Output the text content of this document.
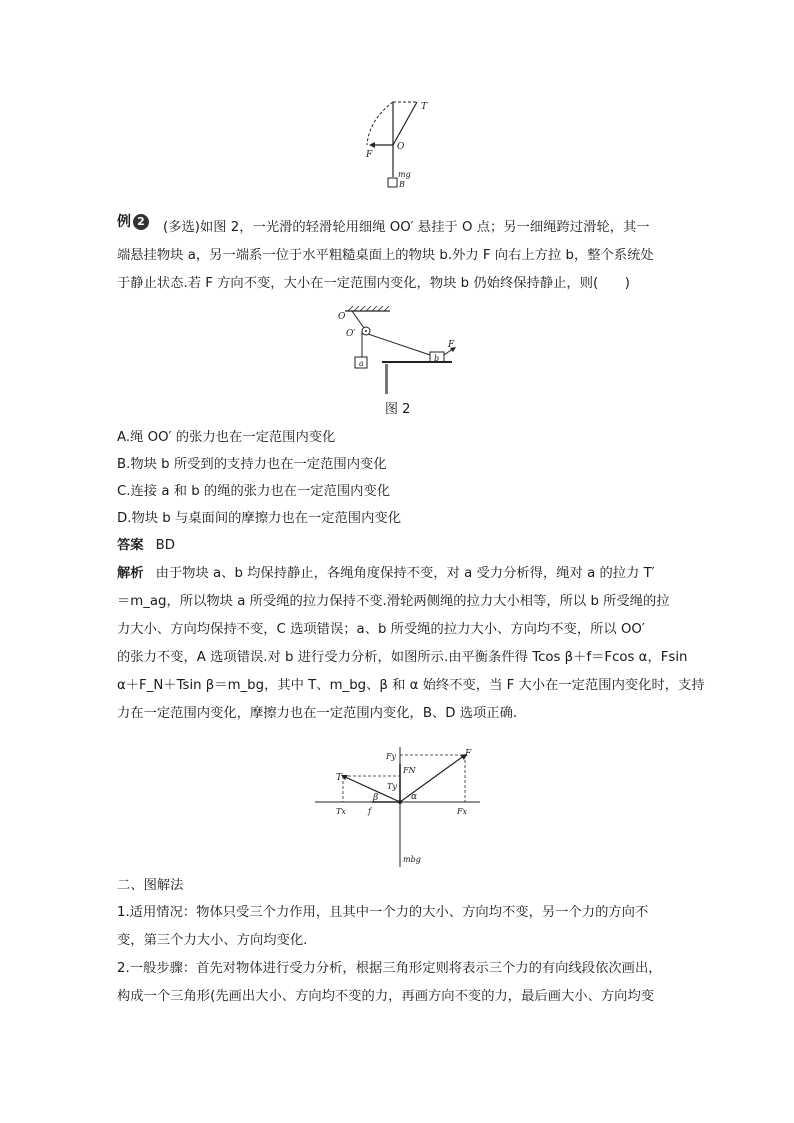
T
F
O
mg
B
例 2	(多选)如图 2，一光滑的轻滑轮用细绳 OO′ 悬挂于 O 点；另一细绳跨过滑轮，其一
端悬挂物块 a，另一端系一位于水平粗糙桌面上的物块 b.外力 F 向右上方拉 b，整个系统处
于静止状态.若 F 方向不变，大小在一定范围内变化，物块 b 仍始终保持静止，则(　　)
O
O′
a
b
F
图 2
A.绳 OO′ 的张力也在一定范围内变化
B.物块 b 所受到的支持力也在一定范围内变化
C.连接 a 和 b 的绳的张力也在一定范围内变化
D.物块 b 与桌面间的摩擦力也在一定范围内变化
答案 BD
解析 由于物块 a、b 均保持静止，各绳角度保持不变，对 a 受力分析得，绳对 a 的拉力 T′
＝m_ag，所以物块 a 所受绳的拉力保持不变.滑轮两侧绳的拉力大小相等，所以 b 所受绳的拉
力大小、方向均保持不变，C 选项错误；a、b 所受绳的拉力大小、方向均不变，所以 OO′
的张力不变，A 选项错误.对 b 进行受力分析，如图所示.由平衡条件得 Tcos β＋f＝Fcos α，Fsin
α＋F_N＋Tsin β＝m_bg，其中 T、m_bg、β 和 α 始终不变，当 F 大小在一定范围内变化时，支持
力在一定范围内变化，摩擦力也在一定范围内变化，B、D 选项正确.
Fy	F
FN
T
Ty
β	α
Tx	f	Fx
mbg
二、图解法
1.适用情况：物体只受三个力作用，且其中一个力的大小、方向均不变，另一个力的方向不
变，第三个力大小、方向均变化.
2.一般步骤：首先对物体进行受力分析，根据三角形定则将表示三个力的有向线段依次画出，
构成一个三角形(先画出大小、方向均不变的力，再画方向不变的力，最后画大小、方向均变
